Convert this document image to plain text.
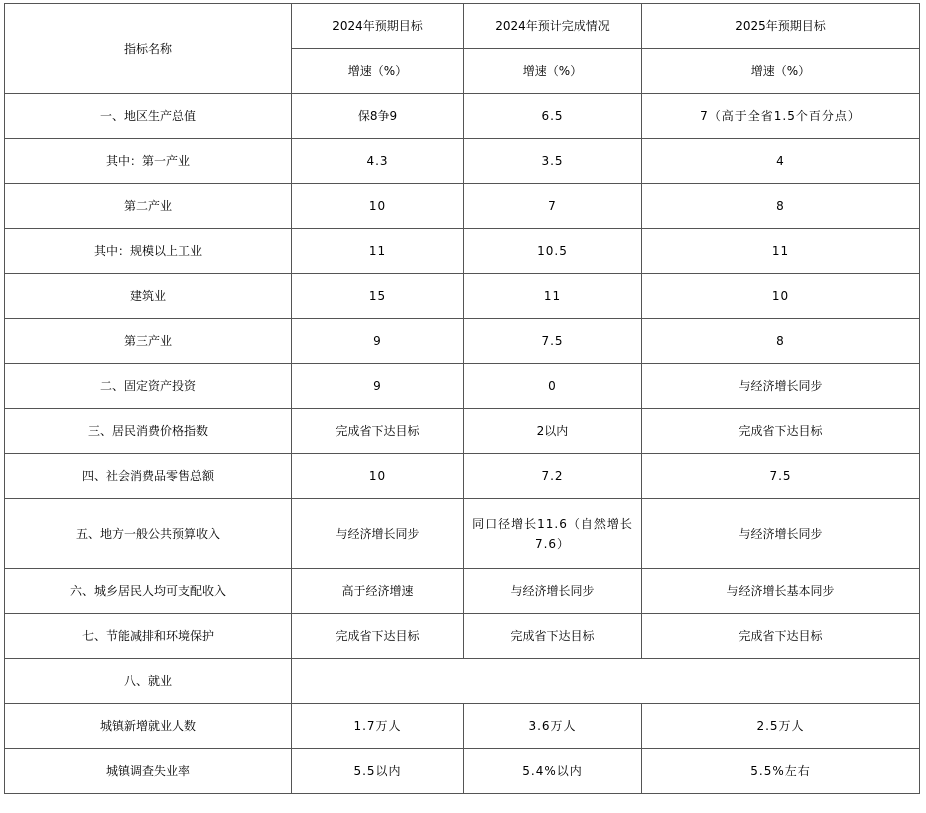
指标名称	2024年预期目标	2024年预计完成情况	2025年预期目标
	增速（%）	增速（%）	增速（%）
一、地区生产总值	保8争9	6.5	7（高于全省1.5个百分点）
其中：第一产业	4.3	3.5	4
第二产业	10	7	8
其中：规模以上工业	11	10.5	11
建筑业	15	11	10
第三产业	9	7.5	8
二、固定资产投资	9	0	与经济增长同步
三、居民消费价格指数	完成省下达目标	2以内	完成省下达目标
四、社会消费品零售总额	10	7.2	7.5
五、地方一般公共预算收入	与经济增长同步	同口径增长11.6（自然增长7.6）	与经济增长同步
六、城乡居民人均可支配收入	高于经济增速	与经济增长同步	与经济增长基本同步
七、节能减排和环境保护	完成省下达目标	完成省下达目标	完成省下达目标
八、就业			
城镇新增就业人数	1.7万人	3.6万人	2.5万人
城镇调查失业率	5.5以内	5.4%以内	5.5%左右
